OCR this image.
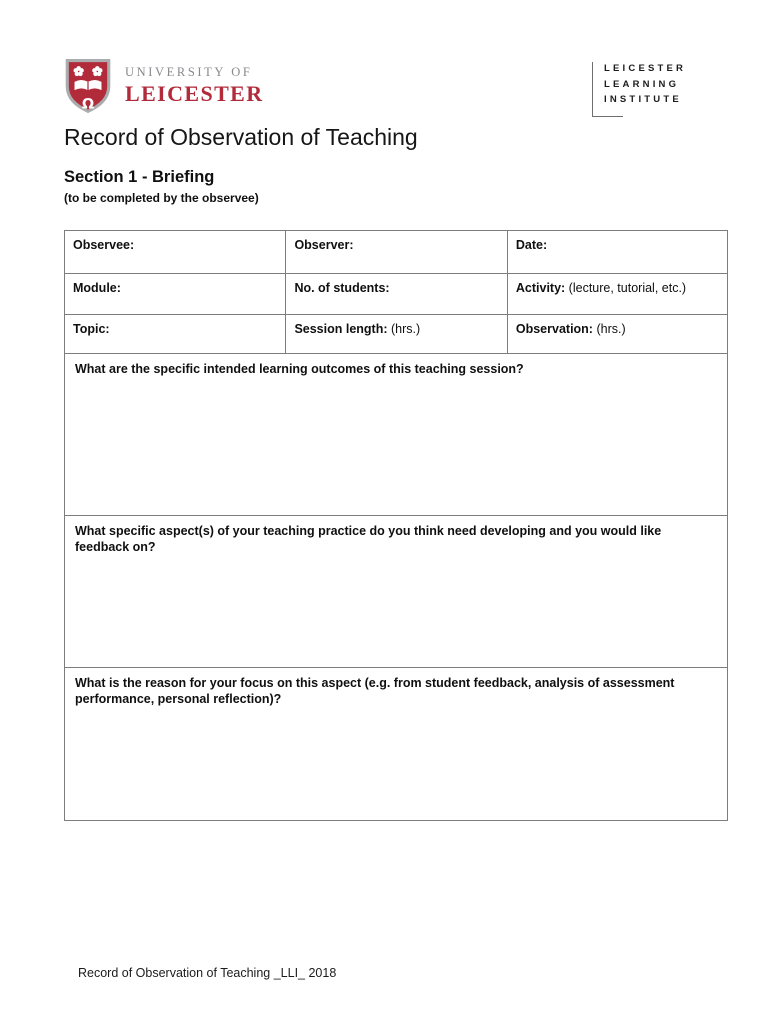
Ω
UNIVERSITY OF
LEICESTER
LEICESTER
LEARNING
INSTITUTE
Record of Observation of Teaching
Section 1 - Briefing
(to be completed by the observee)
Observee:	Observer:	Date:
Module:	No. of students:	Activity: (lecture, tutorial, etc.)
Topic:	Session length: (hrs.)	Observation: (hrs.)
What are the specific intended learning outcomes of this teaching session?		
What specific aspect(s) of your teaching practice do you think need developing and you would like feedback on?		
What is the reason for your focus on this aspect (e.g. from student feedback, analysis of assessment performance, personal reflection)?		
Record of Observation of Teaching _LLI_ 2018
